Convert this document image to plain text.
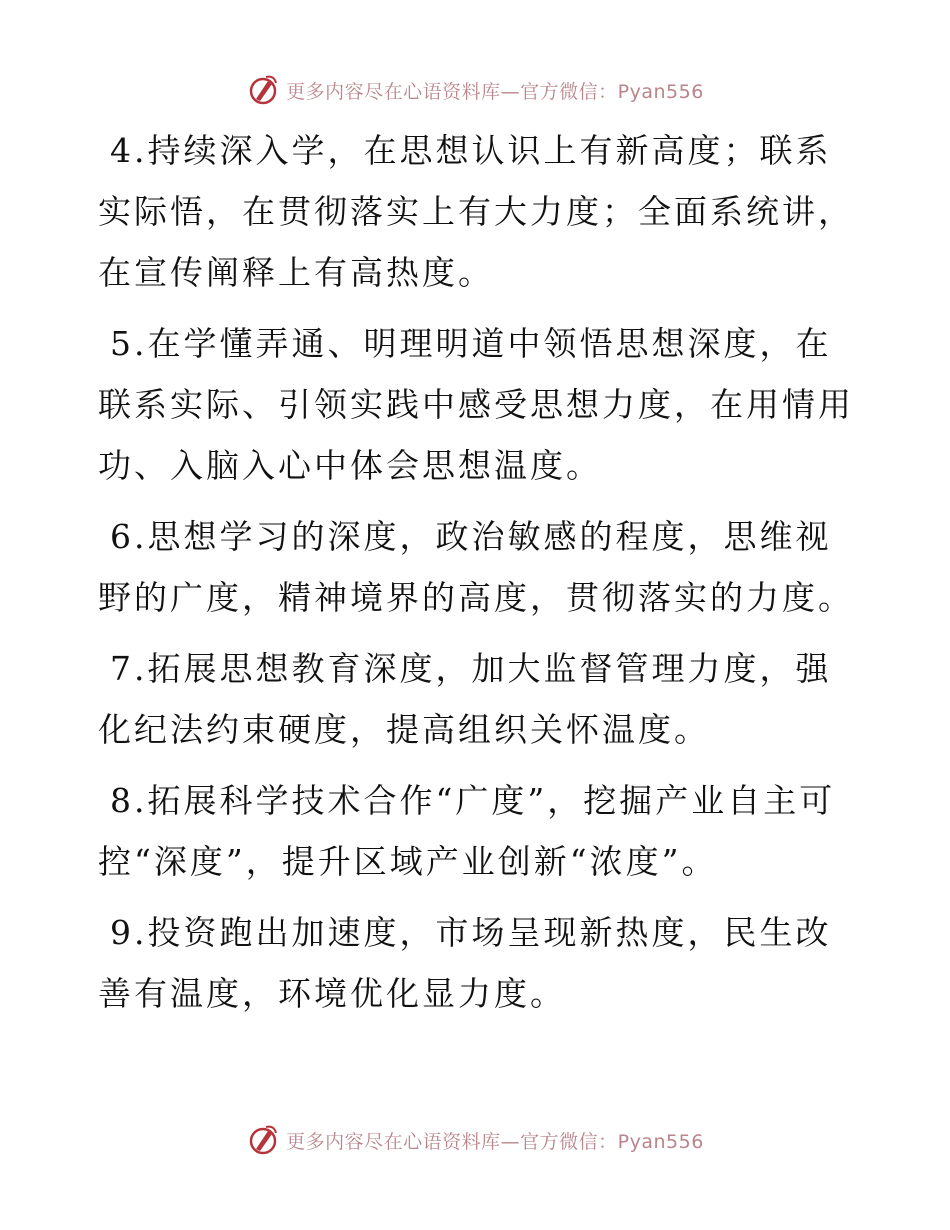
更多内容尽在心语资料库—官方微信：Pyan556

4.持续深入学，在思想认识上有新高度；联系实际悟，在贯彻落实上有大力度；全面系统讲，在宣传阐释上有高热度。

5.在学懂弄通、明理明道中领悟思想深度，在联系实际、引领实践中感受思想力度，在用情用功、入脑入心中体会思想温度。

6.思想学习的深度，政治敏感的程度，思维视野的广度，精神境界的高度，贯彻落实的力度。

7.拓展思想教育深度，加大监督管理力度，强化纪法约束硬度，提高组织关怀温度。

8.拓展科学技术合作“广度”，挖掘产业自主可控“深度”，提升区域产业创新“浓度”。

9.投资跑出加速度，市场呈现新热度，民生改善有温度，环境优化显力度。

更多内容尽在心语资料库—官方微信：Pyan556
